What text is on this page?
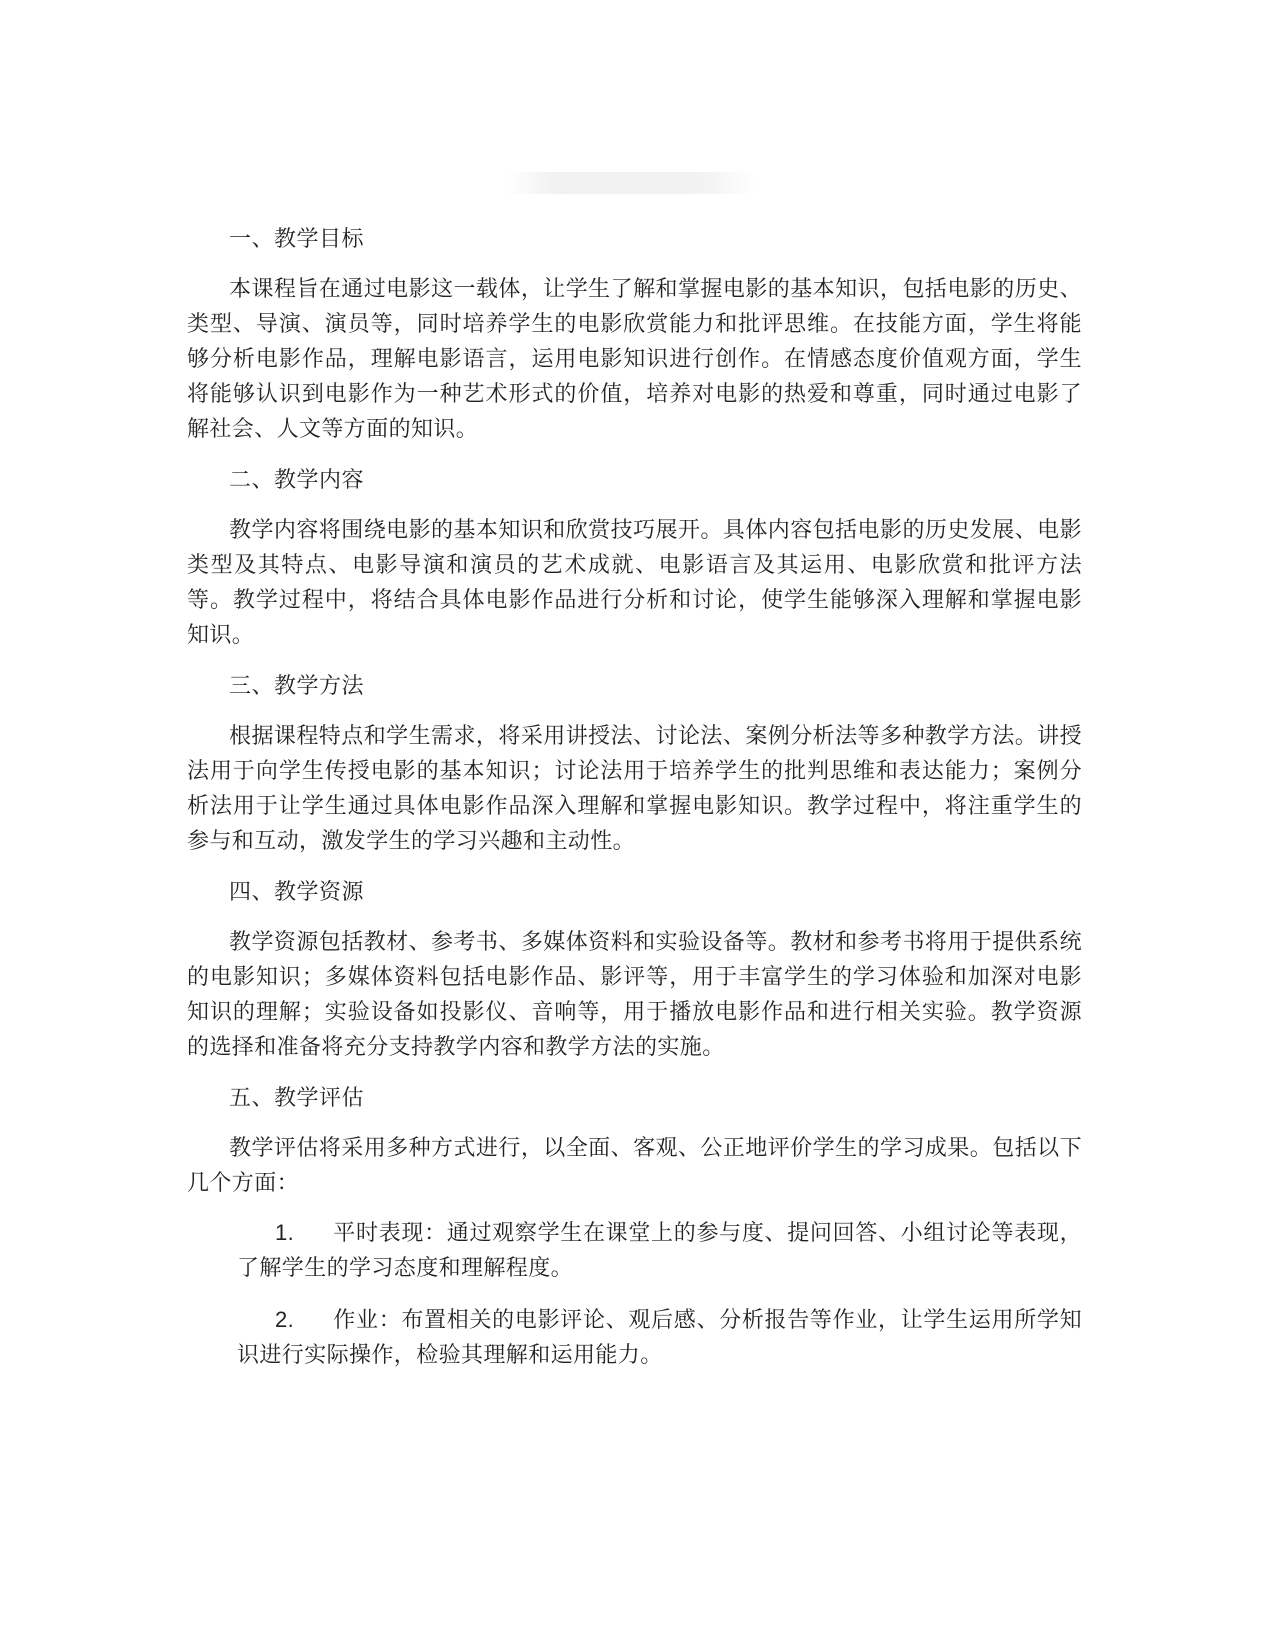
一、教学目标

本课程旨在通过电影这一载体，让学生了解和掌握电影的基本知识，包括电影的历史、类型、导演、演员等，同时培养学生的电影欣赏能力和批评思维。在技能方面，学生将能够分析电影作品，理解电影语言，运用电影知识进行创作。在情感态度价值观方面，学生将能够认识到电影作为一种艺术形式的价值，培养对电影的热爱和尊重，同时通过电影了解社会、人文等方面的知识。

二、教学内容

教学内容将围绕电影的基本知识和欣赏技巧展开。具体内容包括电影的历史发展、电影类型及其特点、电影导演和演员的艺术成就、电影语言及其运用、电影欣赏和批评方法等。教学过程中，将结合具体电影作品进行分析和讨论，使学生能够深入理解和掌握电影知识。

三、教学方法

根据课程特点和学生需求，将采用讲授法、讨论法、案例分析法等多种教学方法。讲授法用于向学生传授电影的基本知识；讨论法用于培养学生的批判思维和表达能力；案例分析法用于让学生通过具体电影作品深入理解和掌握电影知识。教学过程中，将注重学生的参与和互动，激发学生的学习兴趣和主动性。

四、教学资源

教学资源包括教材、参考书、多媒体资料和实验设备等。教材和参考书将用于提供系统的电影知识；多媒体资料包括电影作品、影评等，用于丰富学生的学习体验和加深对电影知识的理解；实验设备如投影仪、音响等，用于播放电影作品和进行相关实验。教学资源的选择和准备将充分支持教学内容和教学方法的实施。

五、教学评估

教学评估将采用多种方式进行，以全面、客观、公正地评价学生的学习成果。包括以下几个方面：

1. 平时表现：通过观察学生在课堂上的参与度、提问回答、小组讨论等表现，了解学生的学习态度和理解程度。
2. 作业：布置相关的电影评论、观后感、分析报告等作业，让学生运用所学知识进行实际操作，检验其理解和运用能力。
